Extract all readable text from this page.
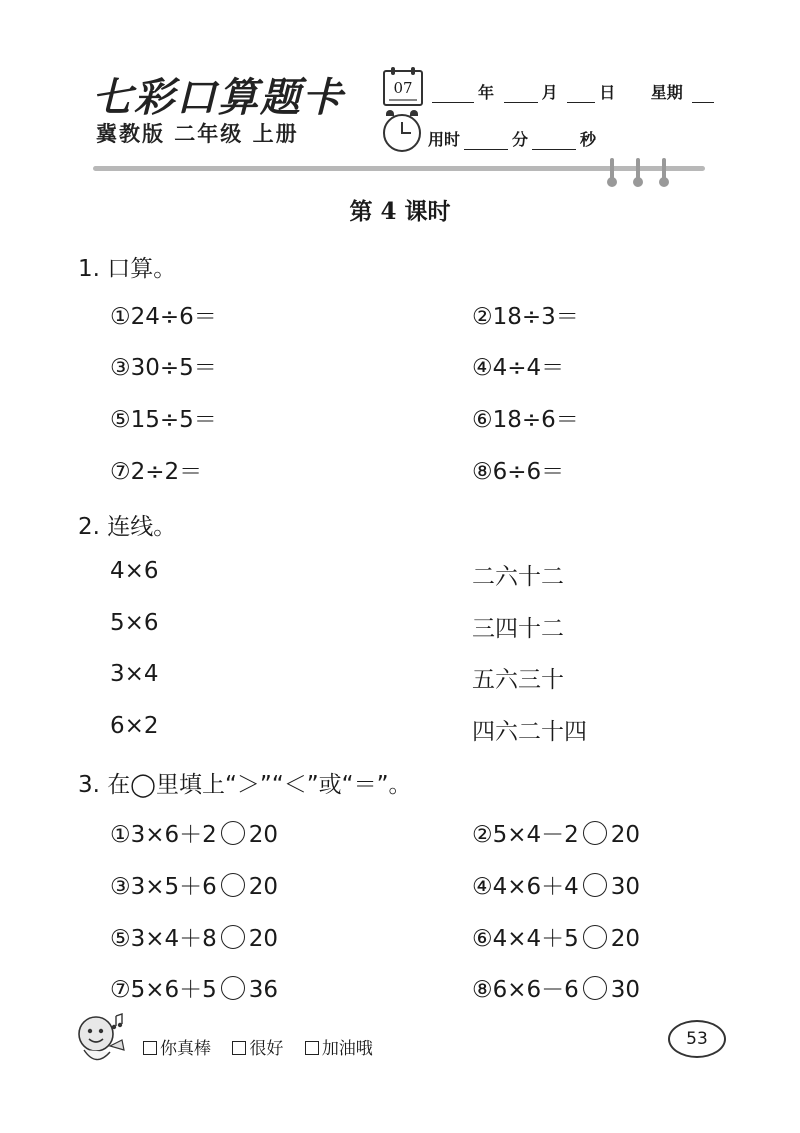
七彩口算题卡
冀教版 二年级 上册
07	年	月	日 星期
用时	分	秒
第 4 课时
1. 口算。
①24÷6＝	②18÷3＝
③30÷5＝	④4÷4＝
⑤15÷5＝	⑥18÷6＝
⑦2÷2＝	⑧6÷6＝
2. 连线。
4×6	二六十二
5×6	三四十二
3×4	五六三十
6×2	四六二十四
3. 在◯里填上“＞”“＜”或“＝”。
①3×6＋2 20	②5×4－2 20
③3×5＋6 20	④4×6＋4 30
⑤3×4＋8 20	⑥4×4＋5 20
⑦5×6＋5 36	⑧6×6－6 30
你真棒 很好 加油哦	53
